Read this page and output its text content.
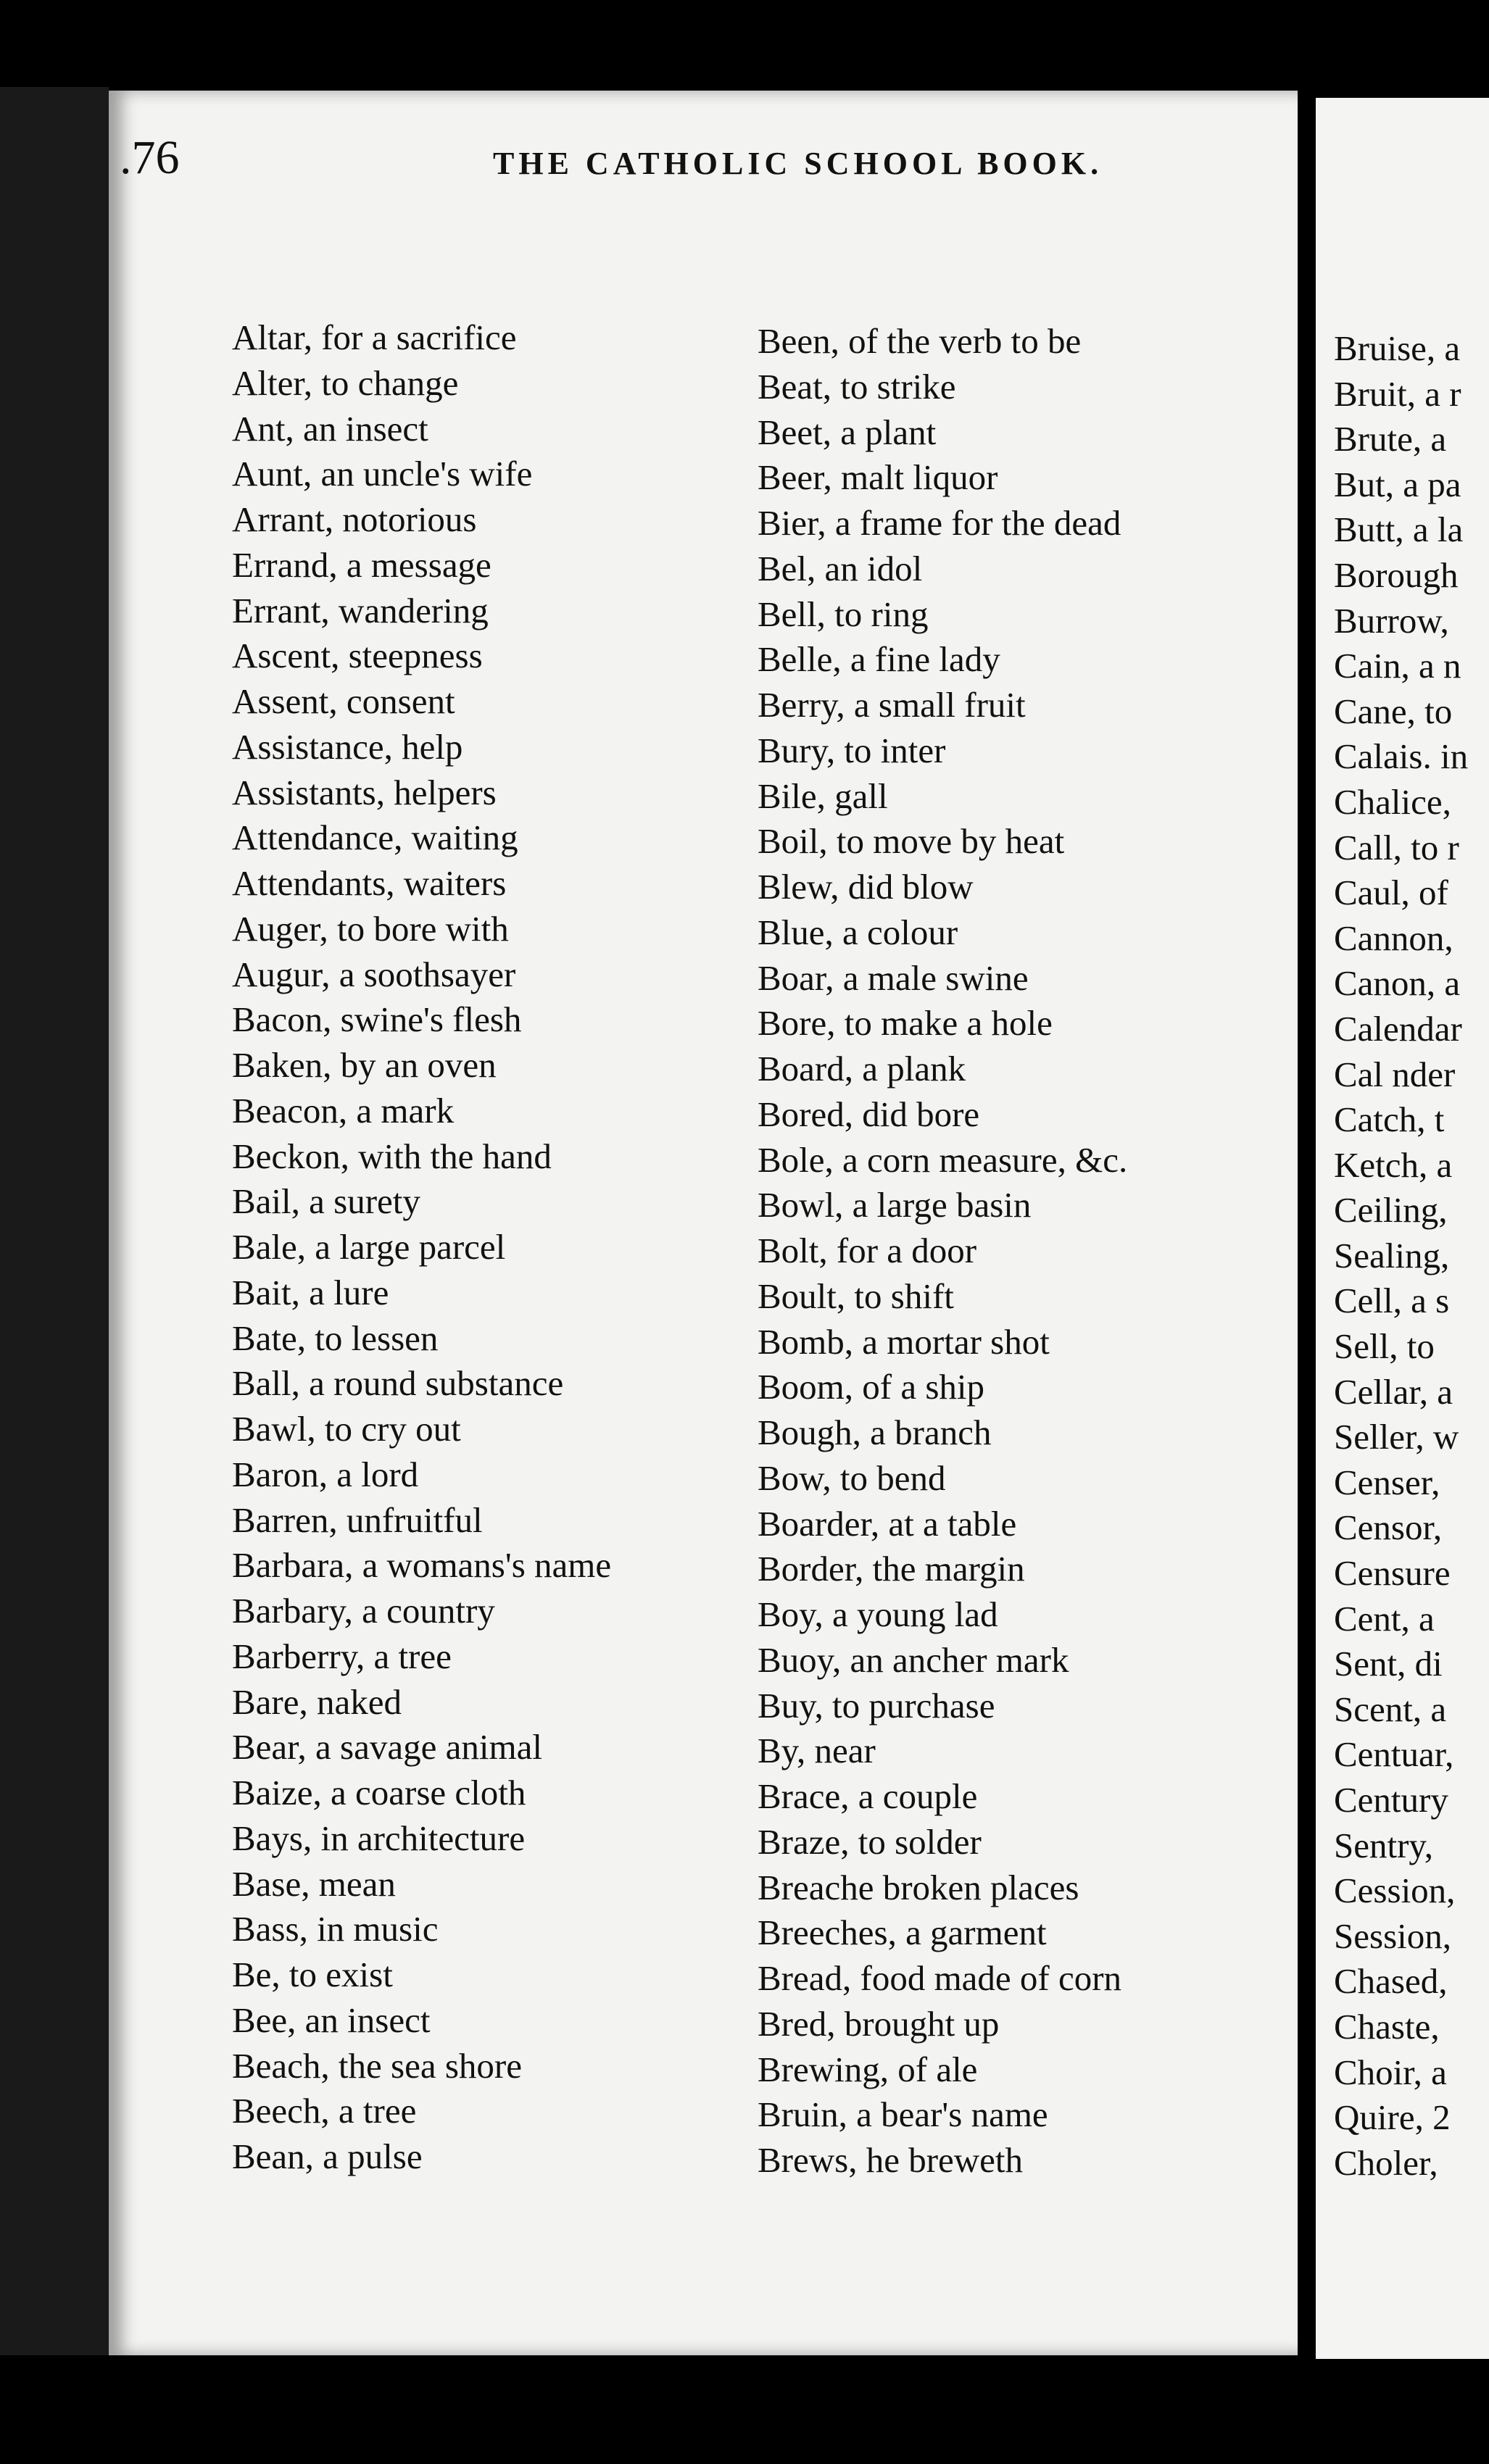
.76	THE CATHOLIC SCHOOL BOOK.
Altar, for a sacrifice
Alter, to change
Ant, an insect
Aunt, an uncle's wife
Arrant, notorious
Errand, a message
Errant, wandering
Ascent, steepness
Assent, consent
Assistance, help
Assistants, helpers
Attendance, waiting
Attendants, waiters
Auger, to bore with
Augur, a soothsayer
Bacon, swine's flesh
Baken, by an oven
Beacon, a mark
Beckon, with the hand
Bail, a surety
Bale, a large parcel
Bait, a lure
Bate, to lessen
Ball, a round substance
Bawl, to cry out
Baron, a lord
Barren, unfruitful
Barbara, a womans's name
Barbary, a country
Barberry, a tree
Bare, naked
Bear, a savage animal
Baize, a coarse cloth
Bays, in architecture
Base, mean
Bass, in music
Be, to exist
Bee, an insect
Beach, the sea shore
Beech, a tree
Bean, a pulse
Been, of the verb to be
Beat, to strike
Beet, a plant
Beer, malt liquor
Bier, a frame for the dead
Bel, an idol
Bell, to ring
Belle, a fine lady
Berry, a small fruit
Bury, to inter
Bile, gall
Boil, to move by heat
Blew, did blow
Blue, a colour
Boar, a male swine
Bore, to make a hole
Board, a plank
Bored, did bore
Bole, a corn measure, &c.
Bowl, a large basin
Bolt, for a door
Boult, to shift
Bomb, a mortar shot
Boom, of a ship
Bough, a branch
Bow, to bend
Boarder, at a table
Border, the margin
Boy, a young lad
Buoy, an ancher mark
Buy, to purchase
By, near
Brace, a couple
Braze, to solder
Breache broken places
Breeches, a garment
Bread, food made of corn
Bred, brought up
Brewing, of ale
Bruin, a bear's name
Brews, he breweth
Bruise, a
Bruit, a r
Brute, a
But, a pa
Butt, a la
Borough
Burrow,
Cain, a n
Cane, to
Calais. in
Chalice,
Call, to r
Caul, of
Cannon,
Canon, a
Calendar
Cal nder
Catch, t
Ketch, a
Ceiling,
Sealing,
Cell, a s
Sell, to
Cellar, a
Seller, w
Censer,
Censor,
Censure
Cent, a
Sent, di
Scent, a
Centuar,
Century
Sentry,
Cession,
Session,
Chased,
Chaste,
Choir, a
Quire, 2
Choler,
